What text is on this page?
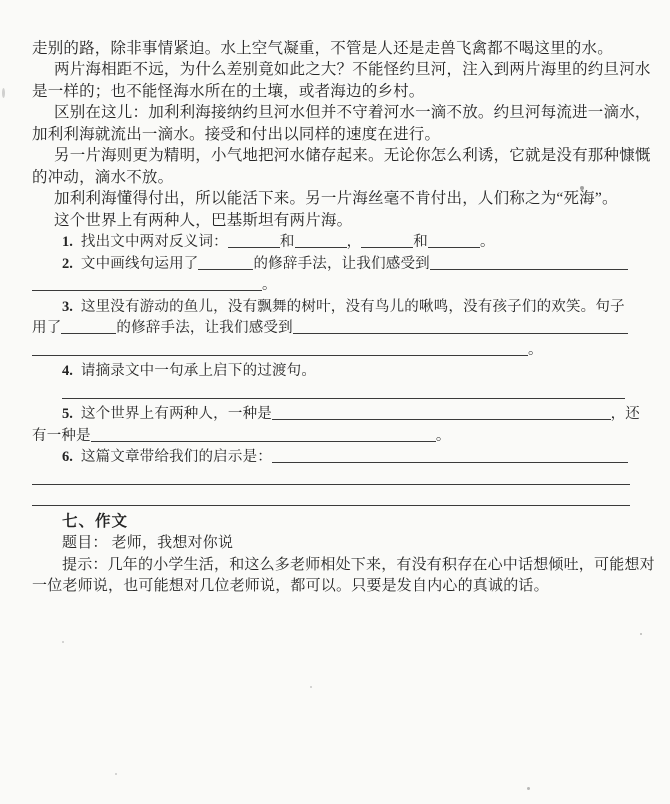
走别的路，除非事情紧迫。水上空气凝重，不管是人还是走兽飞禽都不喝这里的水。
两片海相距不远，为什么差别竟如此之大？不能怪约旦河，注入到两片海里的约旦河水
是一样的；也不能怪海水所在的土壤，或者海边的乡村。
区别在这儿：加利利海接纳约旦河水但并不守着河水一滴不放。约旦河每流进一滴水，
加利利海就流出一滴水。接受和付出以同样的速度在进行。
另一片海则更为精明，小气地把河水储存起来。无论你怎么利诱，它就是没有那种慷慨
的冲动，滴水不放。
加利利海懂得付出，所以能活下来。另一片海丝毫不肯付出，人们称之为“死海”。
这个世界上有两种人，巴基斯坦有两片海。
1. 找出文中两对反义词：	和	，	和	。
2. 文中画线句运用了	的修辞手法，让我们感受到
。
3. 这里没有游动的鱼儿，没有飘舞的树叶，没有鸟儿的啾鸣，没有孩子们的欢笑。句子
用了	的修辞手法，让我们感受到
。
4. 请摘录文中一句承上启下的过渡句。
5. 这个世界上有两种人，一种是	，还
有一种是	。
6. 这篇文章带给我们的启示是：
七、作文
题目： 老师，我想对你说
提示：几年的小学生活，和这么多老师相处下来，有没有积存在心中话想倾吐，可能想对
一位老师说，也可能想对几位老师说，都可以。只要是发自内心的真诚的话。
